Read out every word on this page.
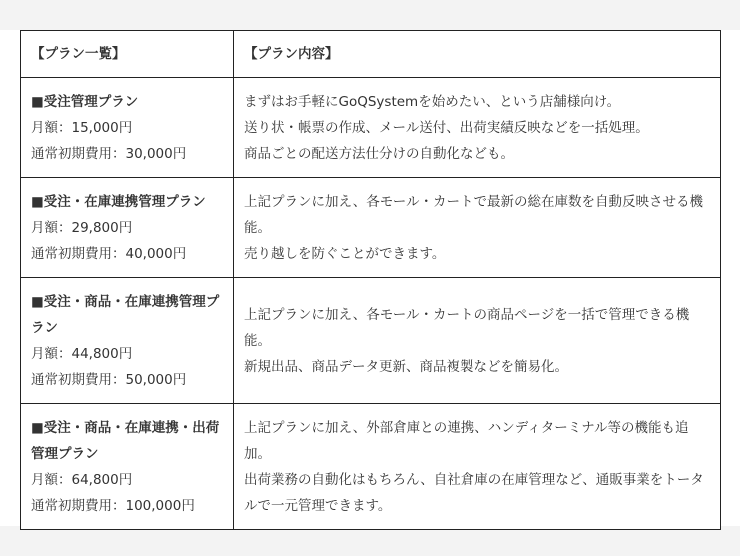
【プラン一覧】	【プラン内容】

■受注管理プラン
月額：15,000円
通常初期費用：30,000円	まずはお手軽にGoQSystemを始めたい、という店舗様向け。
送り状・帳票の作成、メール送付、出荷実績反映などを一括処理。
商品ごとの配送方法仕分けの自動化なども。

■受注・在庫連携管理プラン
月額：29,800円
通常初期費用：40,000円	上記プランに加え、各モール・カートで最新の総在庫数を自動反映させる機能。
売り越しを防ぐことができます。

■受注・商品・在庫連携管理プラン
月額：44,800円
通常初期費用：50,000円	上記プランに加え、各モール・カートの商品ページを一括で管理できる機能。
新規出品、商品データ更新、商品複製などを簡易化。

■受注・商品・在庫連携・出荷管理プラン
月額：64,800円
通常初期費用：100,000円	上記プランに加え、外部倉庫との連携、ハンディターミナル等の機能も追加。
出荷業務の自動化はもちろん、自社倉庫の在庫管理など、通販事業をトータルで一元管理できます。
